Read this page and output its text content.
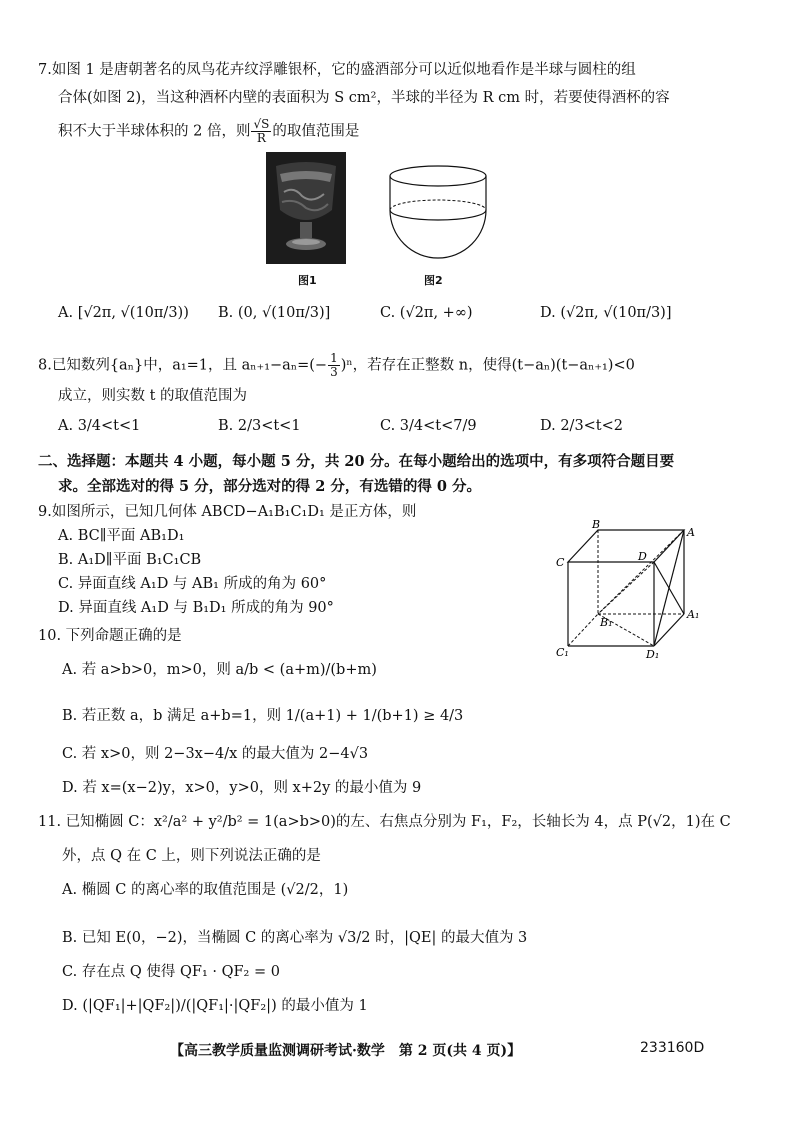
7.如图 1 是唐朝著名的凤鸟花卉纹浮雕银杯，它的盛酒部分可以近似地看作是半球与圆柱的组
合体(如图 2)，当这种酒杯内壁的表面积为 S cm²，半球的半径为 R cm 时，若要使得酒杯的容
积不大于半球体积的 2 倍，则 $\frac{√S}{R}$ 的取值范围是
图1	图2
A. [√2π, √(10π/3)) B. (0, √(10π/3)]	C. (√2π, +∞)	D. (√2π, √(10π/3)]
8.已知数列{aₙ}中，a₁=1，且 $a_{n+1}-a_n=(- \frac{1}{3} )^n$，若存在正整数 n，使得(t−aₙ)(t−aₙ₊₁)<0
成立，则实数 t 的取值范围为
A. 3/4<t<1	B. 2/3<t<1	C. 3/4<t<7/9	D. 2/3<t<2
二、选择题：本题共 4 小题，每小题 5 分，共 20 分。在每小题给出的选项中，有多项符合题目要
求。全部选对的得 5 分，部分选对的得 2 分，有选错的得 0 分。
9.如图所示，已知几何体 ABCD−A₁B₁C₁D₁ 是正方体，则
A. BC∥平面 AB₁D₁
B. A₁D∥平面 B₁C₁CB
C. 异面直线 A₁D 与 AB₁ 所成的角为 60°
D. 异面直线 A₁D 与 B₁D₁ 所成的角为 90°
B
A
C	D
B₁
A₁
C₁	D₁
10. 下列命题正确的是
A. 若 a>b>0，m>0，则 a/b < (a+m)/(b+m)
B. 若正数 a，b 满足 a+b=1，则 1/(a+1) + 1/(b+1) ≥ 4/3
C. 若 x>0，则 2−3x−4/x 的最大值为 2−4√3
D. 若 x=(x−2)y，x>0，y>0，则 x+2y 的最小值为 9
11. 已知椭圆 C：x²/a² + y²/b² = 1(a>b>0)的左、右焦点分别为 F₁，F₂，长轴长为 4，点 P(√2，1)在 C
外，点 Q 在 C 上，则下列说法正确的是
A. 椭圆 C 的离心率的取值范围是 (√2/2，1)
B. 已知 E(0，−2)，当椭圆 C 的离心率为 √3/2 时，|QE| 的最大值为 3
C. 存在点 Q 使得 QF₁ · QF₂ = 0
D. (|QF₁|+|QF₂|)/(|QF₁|·|QF₂|) 的最小值为 1
【高三教学质量监测调研考试·数学　第 2 页(共 4 页)】	233160D
